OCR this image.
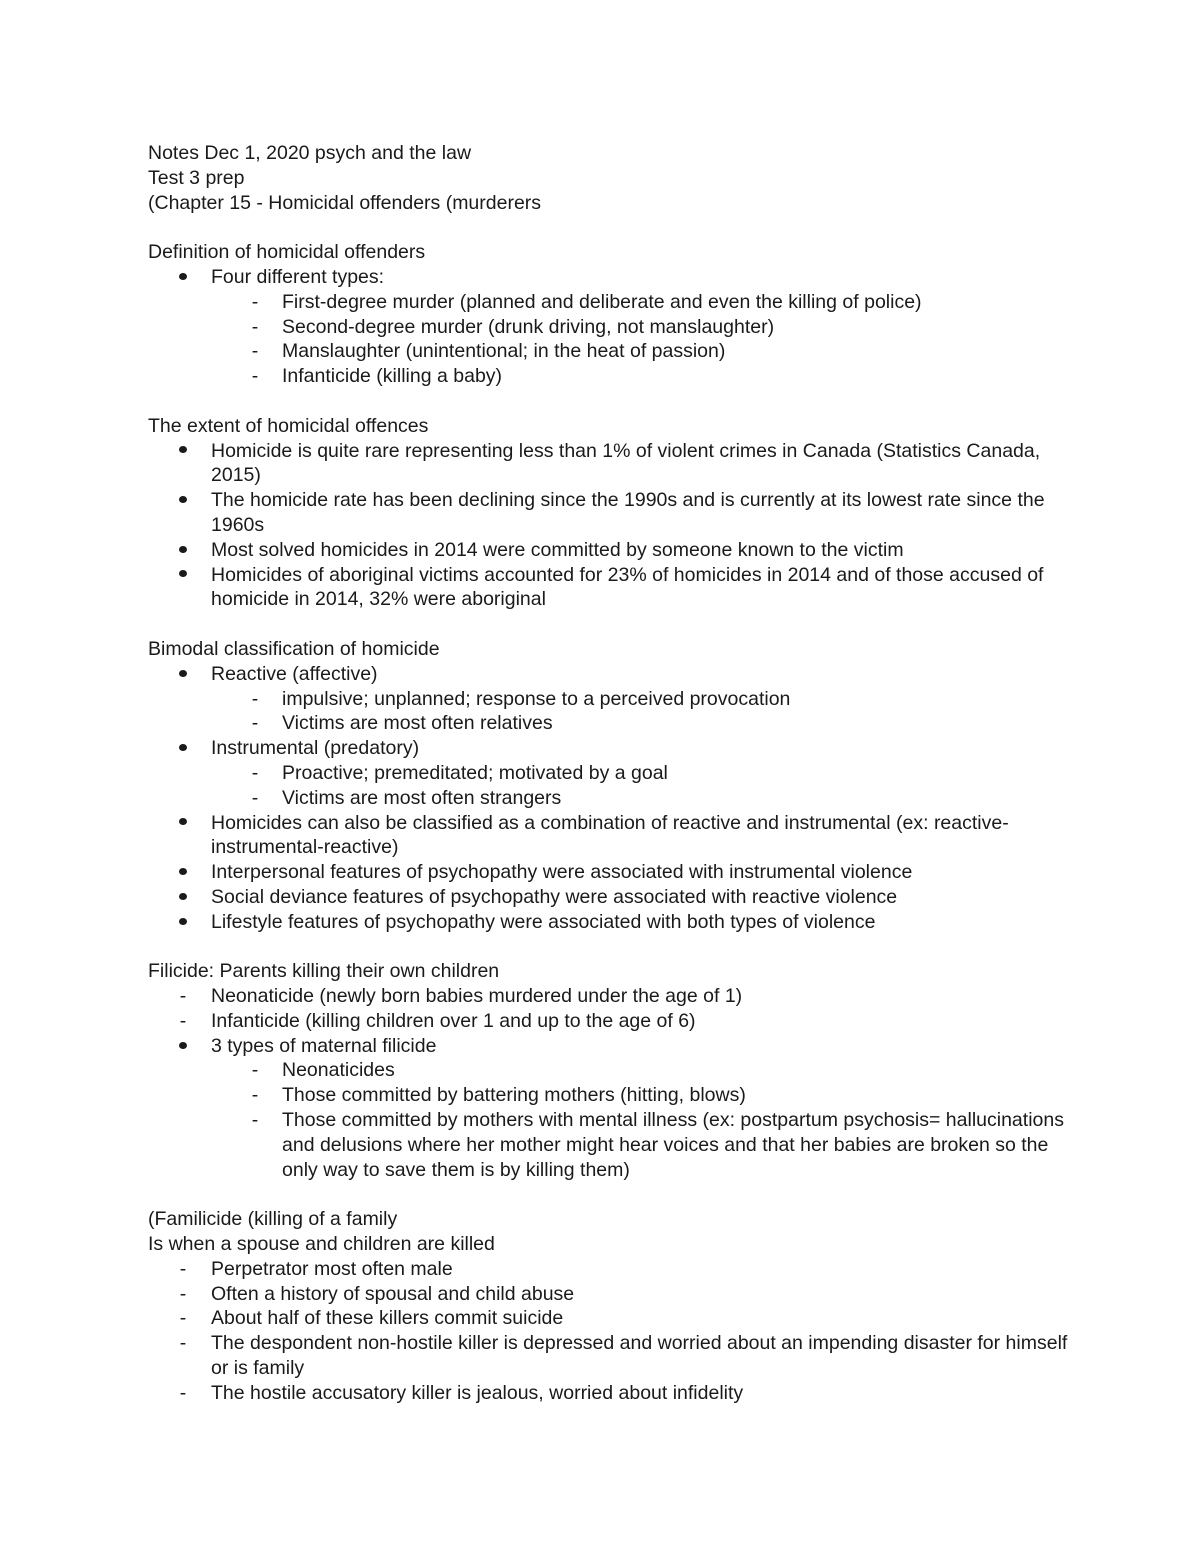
Notes Dec 1, 2020 psych and the law

Test 3 prep

(Chapter 15 - Homicidal offenders (murderers

Definition of homicidal offenders

Four different types:
-	First-degree murder (planned and deliberate and even the killing of police)
-	Second-degree murder (drunk driving, not manslaughter)
-	Manslaughter (unintentional; in the heat of passion)
-	Infanticide (killing a baby)

The extent of homicidal offences

Homicide is quite rare representing less than 1% of violent crimes in Canada (Statistics Canada, 2015)
The homicide rate has been declining since the 1990s and is currently at its lowest rate since the 1960s
Most solved homicides in 2014 were committed by someone known to the victim
Homicides of aboriginal victims accounted for 23% of homicides in 2014 and of those accused of homicide in 2014, 32% were aboriginal

Bimodal classification of homicide

Reactive (affective)
-	impulsive; unplanned; response to a perceived provocation
-	Victims are most often relatives
Instrumental (predatory)
-	Proactive; premeditated; motivated by a goal
-	Victims are most often strangers
Homicides can also be classified as a combination of reactive and instrumental (ex: reactive-instrumental-reactive)
Interpersonal features of psychopathy were associated with instrumental violence
Social deviance features of psychopathy were associated with reactive violence
Lifestyle features of psychopathy were associated with both types of violence

Filicide: Parents killing their own children

-	Neonaticide (newly born babies murdered under the age of 1)
-	Infanticide (killing children over 1 and up to the age of 6)
3 types of maternal filicide
-	Neonaticides
-	Those committed by battering mothers (hitting, blows)
-	Those committed by mothers with mental illness (ex: postpartum psychosis= hallucinations and delusions where her mother might hear voices and that her babies are broken so the only way to save them is by killing them)

(Familicide (killing of a family

Is when a spouse and children are killed

-	Perpetrator most often male
-	Often a history of spousal and child abuse
-	About half of these killers commit suicide
-	The despondent non-hostile killer is depressed and worried about an impending disaster for himself or is family
-	The hostile accusatory killer is jealous, worried about infidelity
